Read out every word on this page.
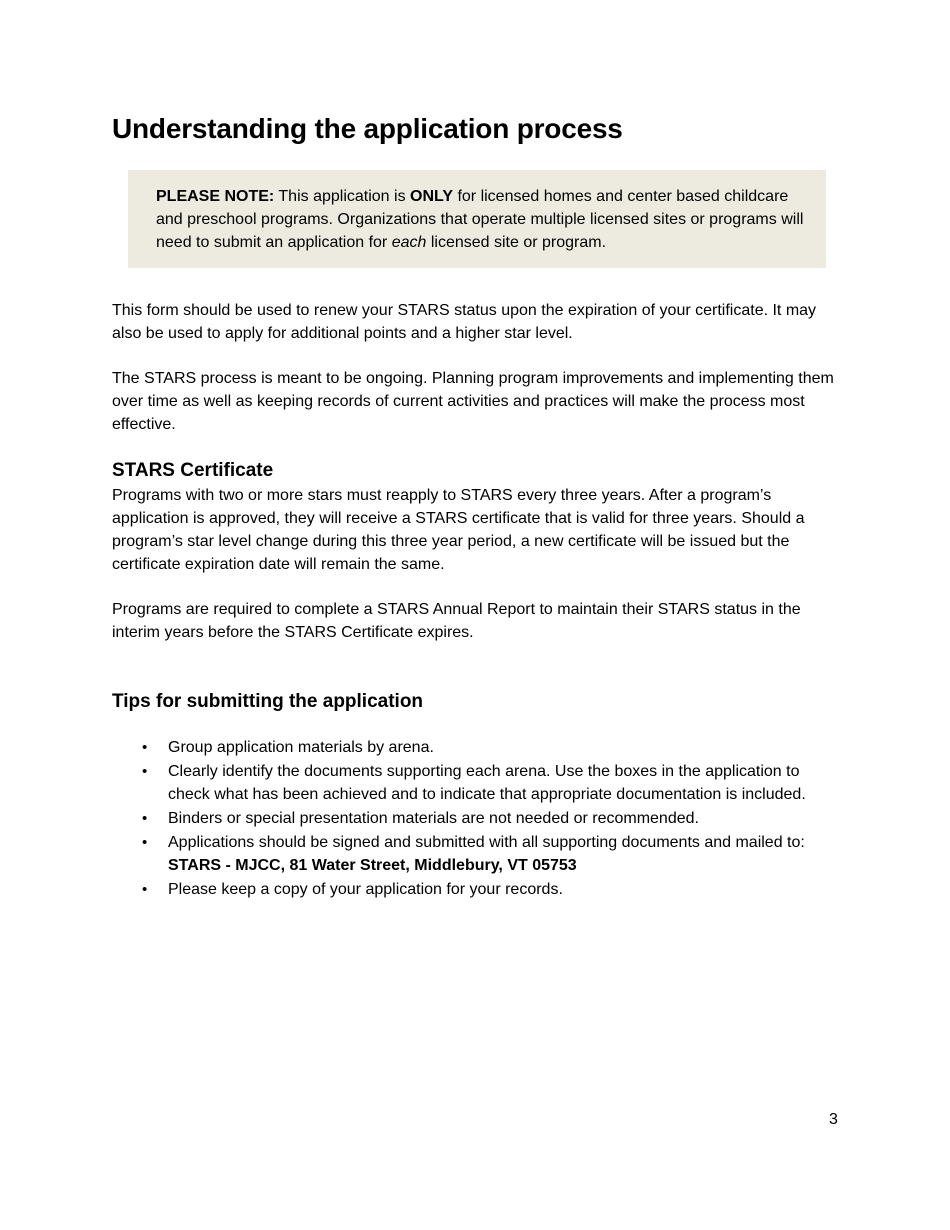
Understanding the application process
PLEASE NOTE: This application is ONLY for licensed homes and center based childcare and preschool programs. Organizations that operate multiple licensed sites or programs will need to submit an application for each licensed site or program.

This form should be used to renew your STARS status upon the expiration of your certificate. It may also be used to apply for additional points and a higher star level.

The STARS process is meant to be ongoing. Planning program improvements and implementing them over time as well as keeping records of current activities and practices will make the process most effective.

STARS Certificate

Programs with two or more stars must reapply to STARS every three years. After a program’s application is approved, they will receive a STARS certificate that is valid for three years. Should a program’s star level change during this three year period, a new certificate will be issued but the certificate expiration date will remain the same.

Programs are required to complete a STARS Annual Report to maintain their STARS status in the interim years before the STARS Certificate expires.

Tips for submitting the application
• Group application materials by arena.
• Clearly identify the documents supporting each arena. Use the boxes in the application to check what has been achieved and to indicate that appropriate documentation is included.
• Binders or special presentation materials are not needed or recommended.
• Applications should be signed and submitted with all supporting documents and mailed to: STARS - MJCC, 81 Water Street, Middlebury, VT 05753
• Please keep a copy of your application for your records.
3
